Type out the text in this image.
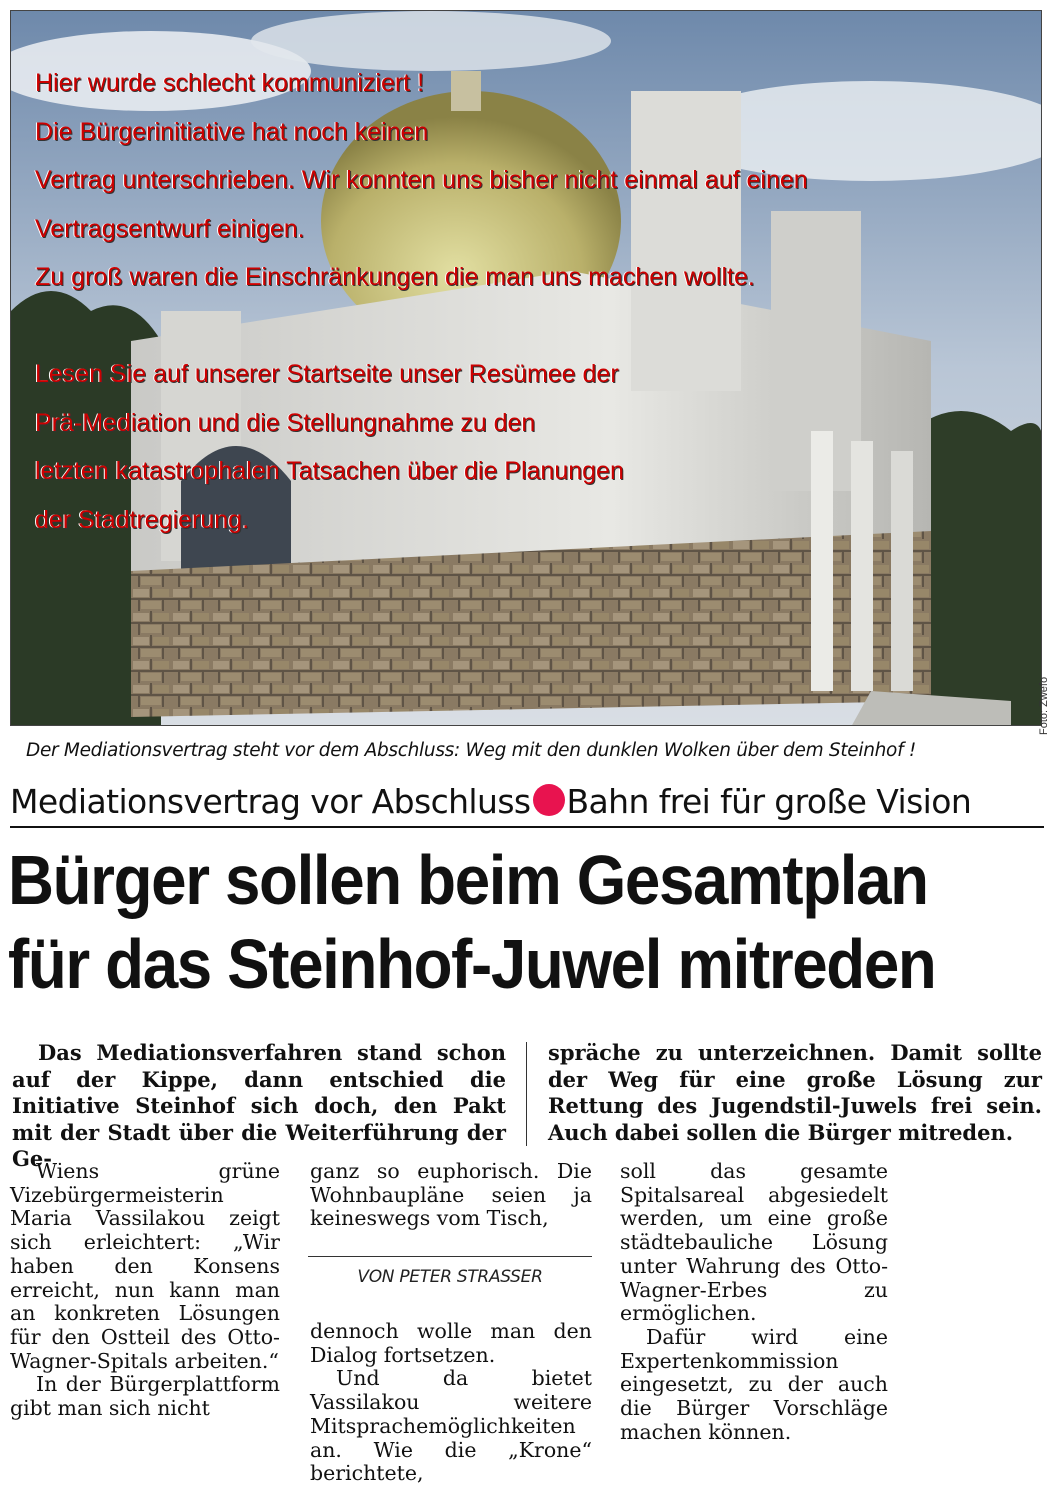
Hier wurde schlecht kommuniziert !

Die Bürgerinitiative hat noch keinen

Vertrag unterschrieben. Wir konnten uns bisher nicht einmal auf einen

Vertragsentwurf einigen.

Zu groß waren die Einschränkungen die man uns machen wollte.

Lesen Sie auf unserer Startseite unser Resümee der

Prä-Mediation und die Stellungnahme zu den

letzten katastrophalen Tatsachen über die Planungen

der Stadtregierung.

Foto: Zwefo
Der Mediationsvertrag steht vor dem Abschluss: Weg mit den dunklen Wolken über dem Steinhof !
Mediationsvertrag vor Abschluss Bahn frei für große Vision
Bürger sollen beim Gesamtplan
für das Steinhof-Juwel mitreden
Das Mediationsverfahren stand schon auf der Kippe, dann entschied die Initiative Steinhof sich doch, den Pakt mit der Stadt über die Weiterführung der Ge-
spräche zu unterzeichnen. Damit sollte der Weg für eine große Lösung zur Rettung des Jugendstil-Juwels frei sein. Auch dabei sollen die Bürger mitreden.

Wiens grüne Vizebürgermeisterin Maria Vassilakou zeigt sich erleichtert: „Wir haben den Konsens erreicht, nun kann man an konkreten Lösungen für den Ostteil des Otto-Wagner-Spitals arbeiten.“

In der Bürgerplattform gibt man sich nicht

ganz so euphorisch. Die Wohnbaupläne seien ja keineswegs vom Tisch,

VON PETER STRASSER

dennoch wolle man den Dialog fortsetzen.

Und da bietet Vassilakou weitere Mitsprachemöglichkeiten an. Wie die „Krone“ berichtete,

soll das gesamte Spitalsareal abgesiedelt werden, um eine große städtebauliche Lösung unter Wahrung des Otto-Wagner-Erbes zu ermöglichen.

Dafür wird eine Expertenkommission eingesetzt, zu der auch die Bürger Vorschläge machen können.
